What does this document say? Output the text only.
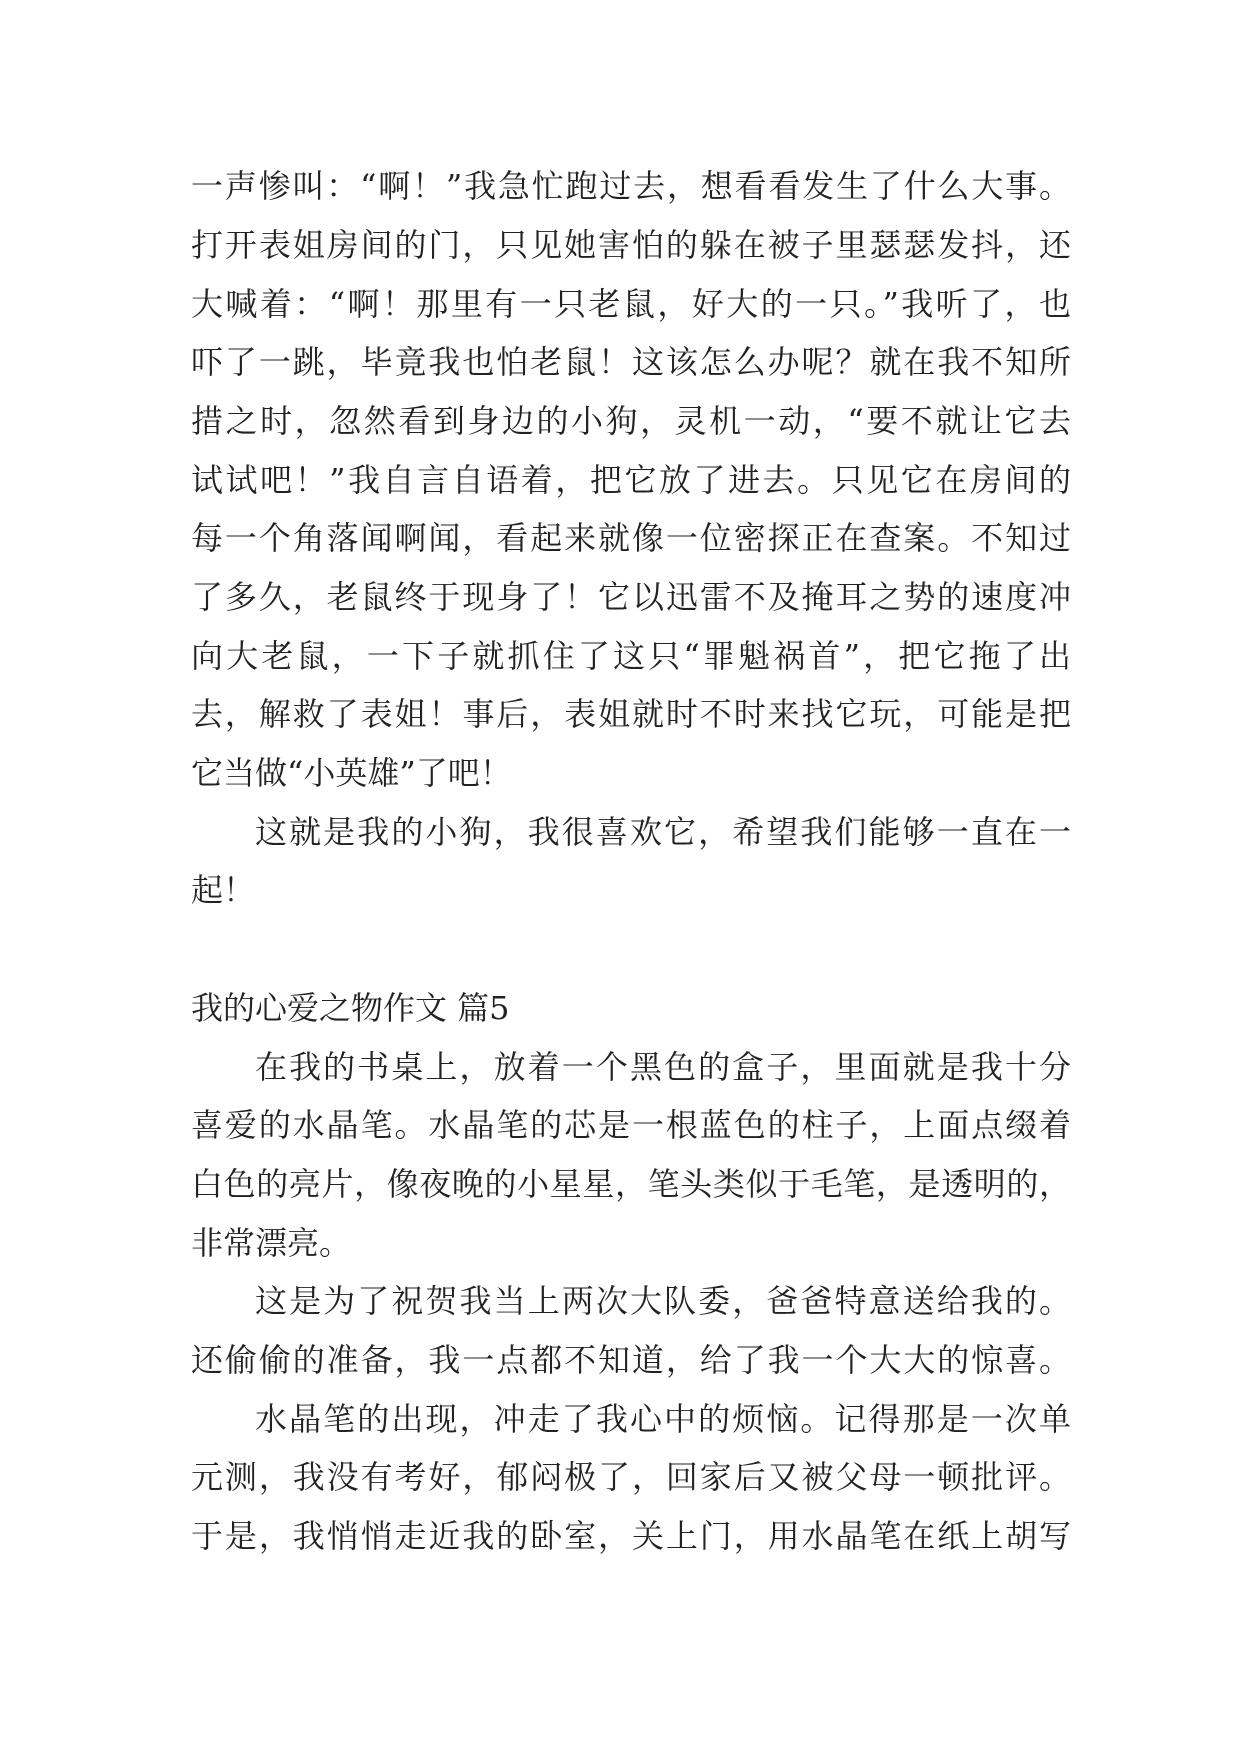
一声惨叫：“啊！”我急忙跑过去，想看看发生了什么大事。
打开表姐房间的门，只见她害怕的躲在被子里瑟瑟发抖，还
大喊着：“啊！那里有一只老鼠，好大的一只。”我听了，也
吓了一跳，毕竟我也怕老鼠！这该怎么办呢？就在我不知所
措之时，忽然看到身边的小狗，灵机一动，“要不就让它去
试试吧！”我自言自语着，把它放了进去。只见它在房间的
每一个角落闻啊闻，看起来就像一位密探正在查案。不知过
了多久，老鼠终于现身了！它以迅雷不及掩耳之势的速度冲
向大老鼠，一下子就抓住了这只“罪魁祸首”，把它拖了出
去，解救了表姐！事后，表姐就时不时来找它玩，可能是把
它当做“小英雄”了吧！
这就是我的小狗，我很喜欢它，希望我们能够一直在一
起！
我的心爱之物作文 篇5
在我的书桌上，放着一个黑色的盒子，里面就是我十分
喜爱的水晶笔。水晶笔的芯是一根蓝色的柱子，上面点缀着
白色的亮片，像夜晚的小星星，笔头类似于毛笔，是透明的，
非常漂亮。
这是为了祝贺我当上两次大队委，爸爸特意送给我的。
还偷偷的准备，我一点都不知道，给了我一个大大的惊喜。
水晶笔的出现，冲走了我心中的烦恼。记得那是一次单
元测，我没有考好，郁闷极了，回家后又被父母一顿批评。
于是，我悄悄走近我的卧室，关上门，用水晶笔在纸上胡写
